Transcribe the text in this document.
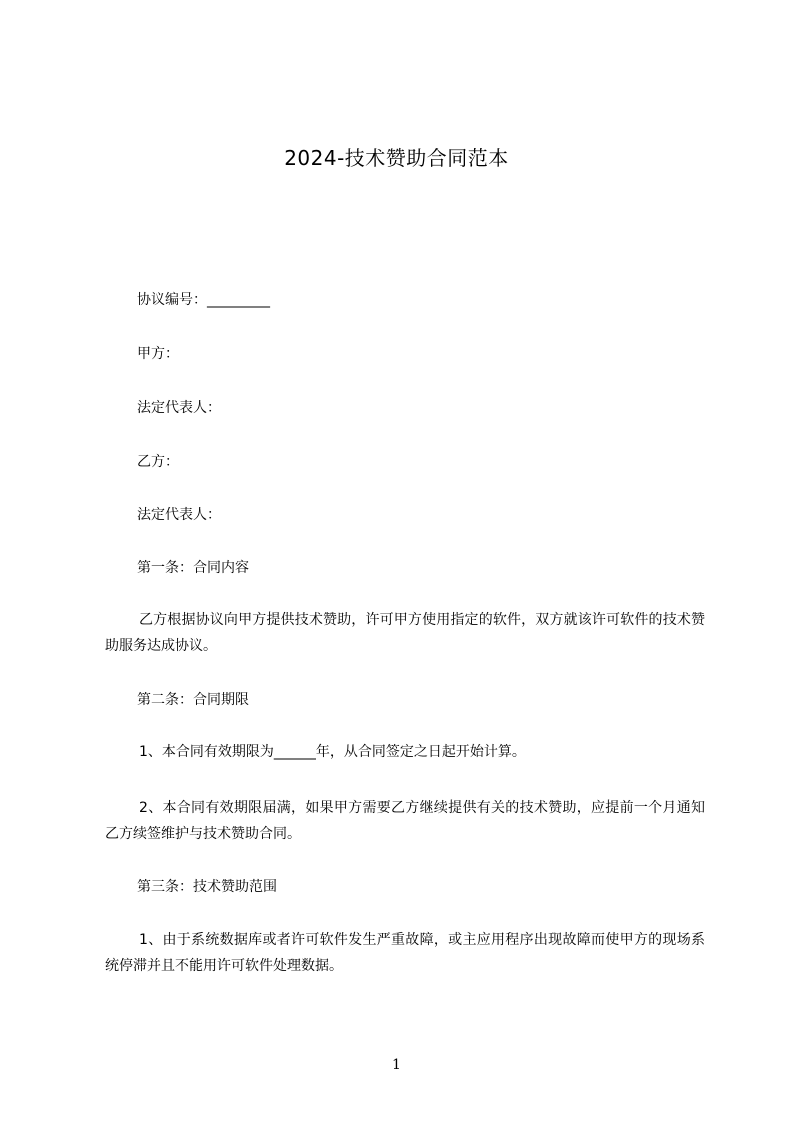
2024-技术赞助合同范本
协议编号：_________
甲方：
法定代表人：
乙方：
法定代表人：
第一条：合同内容
乙方根据协议向甲方提供技术赞助，许可甲方使用指定的软件，双方就该许可软件的技术赞助服务达成协议。
第二条：合同期限
1、本合同有效期限为______年，从合同签定之日起开始计算。
2、本合同有效期限届满，如果甲方需要乙方继续提供有关的技术赞助，应提前一个月通知乙方续签维护与技术赞助合同。
第三条：技术赞助范围
1、由于系统数据库或者许可软件发生严重故障，或主应用程序出现故障而使甲方的现场系统停滞并且不能用许可软件处理数据。
1
